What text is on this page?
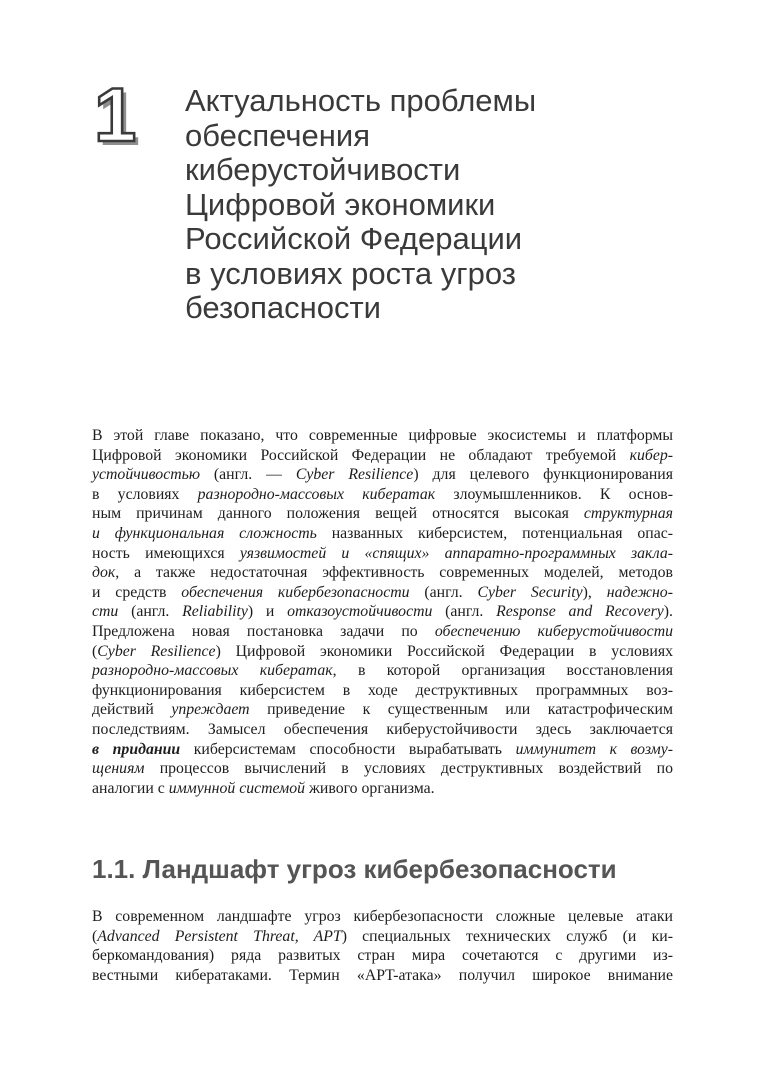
1 Актуальность проблемы
обеспечения
киберустойчивости
Цифровой экономики
Российской Федерации
в условиях роста угроз
безопасности

В этой главе показано, что современные цифровые экосистемы и платформы
Цифровой экономики Российской Федерации не обладают требуемой кибер-
устойчивостью (англ. — Cyber Resilience) для целевого функционирования
в условиях разнородно-массовых кибератак злоумышленников. К основ-
ным причинам данного положения вещей относятся высокая структурная
и функциональная сложность названных киберсистем, потенциальная опас-
ность имеющихся уязвимостей и «спящих» аппаратно-программных закла-
док, а также недостаточная эффективность современных моделей, методов
и средств обеспечения кибербезопасности (англ. Cyber Security), надежно-
сти (англ. Reliability) и отказоустойчивости (англ. Response and Recovery).
Предложена новая постановка задачи по обеспечению киберустойчивости
(Cyber Resilience) Цифровой экономики Российской Федерации в условиях
разнородно-массовых кибератак, в которой организация восстановления
функционирования киберсистем в ходе деструктивных программных воз-
действий упреждает приведение к существенным или катастрофическим
последствиям. Замысел обеспечения киберустойчивости здесь заключается
в придании киберсистемам способности вырабатывать иммунитет к возму-
щениям процессов вычислений в условиях деструктивных воздействий по
аналогии с иммунной системой живого организма.

1.1. Ландшафт угроз кибербезопасности

В современном ландшафте угроз кибербезопасности сложные целевые атаки
(Advanced Persistent Threat, APT) специальных технических служб (и ки-
беркомандования) ряда развитых стран мира сочетаются с другими из-
вестными кибератаками. Термин «APT-атака» получил широкое внимание
